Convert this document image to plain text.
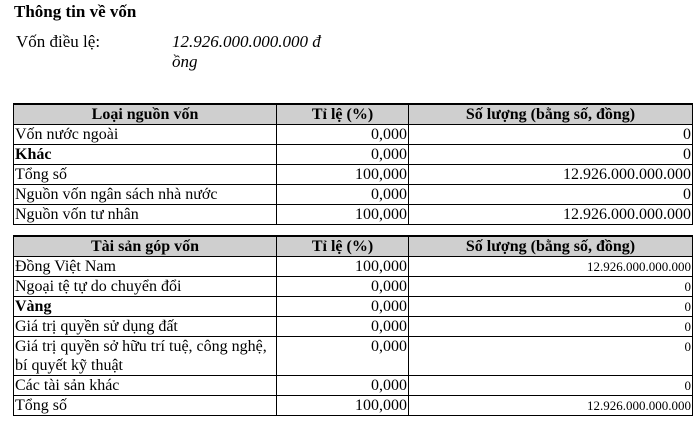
Thông tin về vốn
Vốn điều lệ:	12.926.000.000.000 đồng
Loại nguồn vốn	Tỉ lệ (%)	Số lượng (bằng số, đồng)
Vốn nước ngoài	0,000	0
Khác	0,000	0
Tổng số	100,000	12.926.000.000.000
Nguồn vốn ngân sách nhà nước	0,000	0
Nguồn vốn tư nhân	100,000	12.926.000.000.000
Tài sản góp vốn	Tỉ lệ (%)	Số lượng (bằng số, đồng)
Đồng Việt Nam	100,000	12.926.000.000.000
Ngoại tệ tự do chuyển đổi	0,000	0
Vàng	0,000	0
Giá trị quyền sử dụng đất	0,000	0
Giá trị quyền sở hữu trí tuệ, công nghệ, bí quyết kỹ thuật	0,000	0
Các tài sản khác	0,000	0
Tổng số	100,000	12.926.000.000.000
